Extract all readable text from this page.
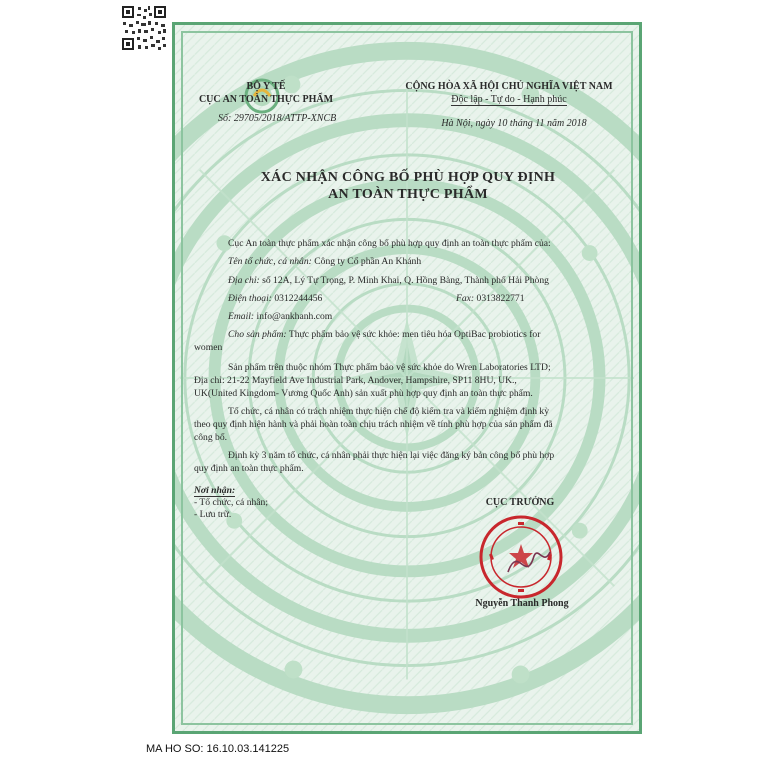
BỘ Y TẾ
CỤC AN TOÀN THỰC PHẨM
Số: 29705/2018/ATTP-XNCB
CỘNG HÒA XÃ HỘI CHỦ NGHĨA VIỆT NAM
Độc lập - Tự do - Hạnh phúc
Hà Nội, ngày 10 tháng 11 năm 2018
XÁC NHẬN CÔNG BỐ PHÙ HỢP QUY ĐỊNH
AN TOÀN THỰC PHẨM
Cục An toàn thực phẩm xác nhận công bố phù hợp quy định an toàn thực phẩm của:
Tên tổ chức, cá nhân: Công ty Cổ phần An Khánh
Địa chỉ: số 12A, Lý Tự Trọng, P. Minh Khai, Q. Hồng Bàng, Thành phố Hải Phòng
Điện thoại: 0312244456	Fax: 0313822771
Email: info@ankhanh.com
Cho sản phẩm: Thực phẩm bảo vệ sức khỏe: men tiêu hóa OptiBac probiotics for
women
Sản phẩm trên thuộc nhóm Thực phẩm bảo vệ sức khỏe do Wren Laboratories LTD;
Địa chỉ: 21-22 Mayfield Ave Industrial Park, Andover, Hampshire, SP11 8HU, UK.,
UK(United Kingdom- Vương Quốc Anh) sản xuất phù hợp quy định an toàn thực phẩm.
Tổ chức, cá nhân có trách nhiệm thực hiện chế độ kiểm tra và kiểm nghiệm định kỳ
theo quy định hiện hành và phải hoàn toàn chịu trách nhiệm về tính phù hợp của sản phẩm đã
công bố.
Định kỳ 3 năm tổ chức, cá nhân phải thực hiện lại việc đăng ký bản công bố phù hợp
quy định an toàn thực phẩm.
Nơi nhận:
- Tổ chức, cá nhân;
- Lưu trữ.
CỤC TRƯỞNG
Nguyễn Thanh Phong
MA HO SO: 16.10.03.141225
